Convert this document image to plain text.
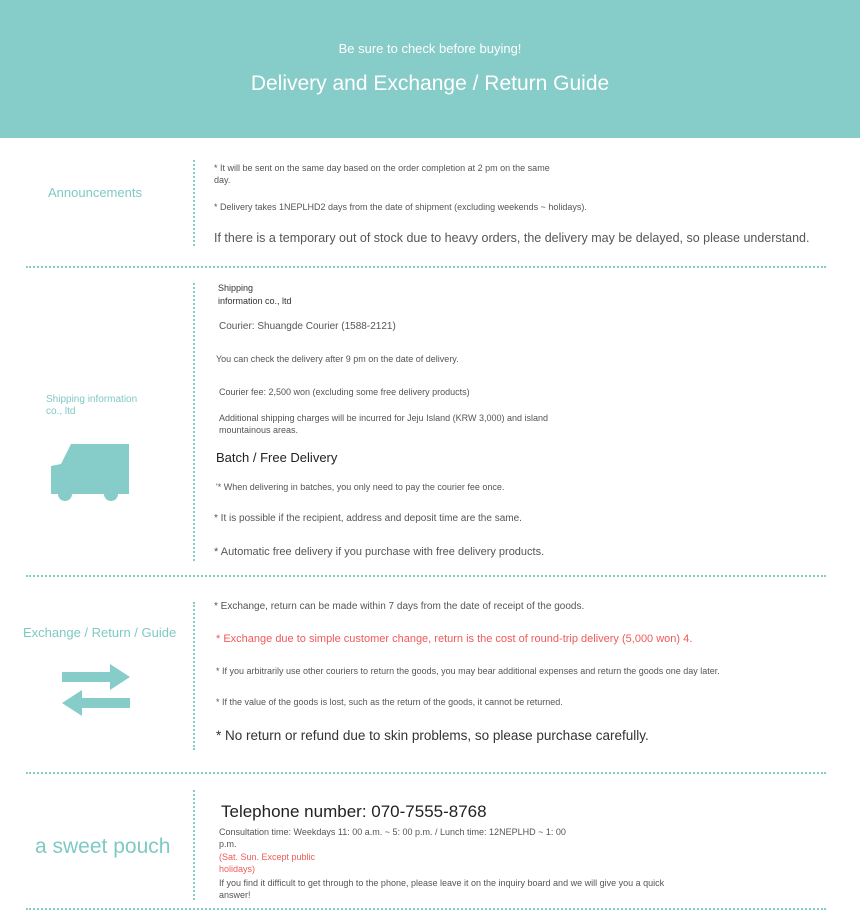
Be sure to check before buying!
Delivery and Exchange / Return Guide
Announcements
* It will be sent on the same day based on the order completion at 2 pm on the same day.
* Delivery takes 1NEPLHD2 days from the date of shipment (excluding weekends ~ holidays).
If there is a temporary out of stock due to heavy orders, the delivery may be delayed, so please understand.
Shipping information co., ltd
Shipping information co., ltd
Courier: Shuangde Courier (1588-2121)
You can check the delivery after 9 pm on the date of delivery.
Courier fee: 2,500 won (excluding some free delivery products)
Additional shipping charges will be incurred for Jeju Island (KRW 3,000) and island mountainous areas.
Batch / Free Delivery
'* When delivering in batches, you only need to pay the courier fee once.
* It is possible if the recipient, address and deposit time are the same.
* Automatic free delivery if you purchase with free delivery products.
Exchange / Return / Guide
* Exchange, return can be made within 7 days from the date of receipt of the goods.
* Exchange due to simple customer change, return is the cost of round-trip delivery (5,000 won) 4.
* If you arbitrarily use other couriers to return the goods, you may bear additional expenses and return the goods one day later.
* If the value of the goods is lost, such as the return of the goods, it cannot be returned.
* No return or refund due to skin problems, so please purchase carefully.
a sweet pouch
Telephone number: 070-7555-8768
Consultation time: Weekdays 11: 00 a.m. ~ 5: 00 p.m. / Lunch time: 12NEPLHD ~ 1: 00 p.m.
(Sat. Sun. Except public holidays)
If you find it difficult to get through to the phone, please leave it on the inquiry board and we will give you a quick answer!
